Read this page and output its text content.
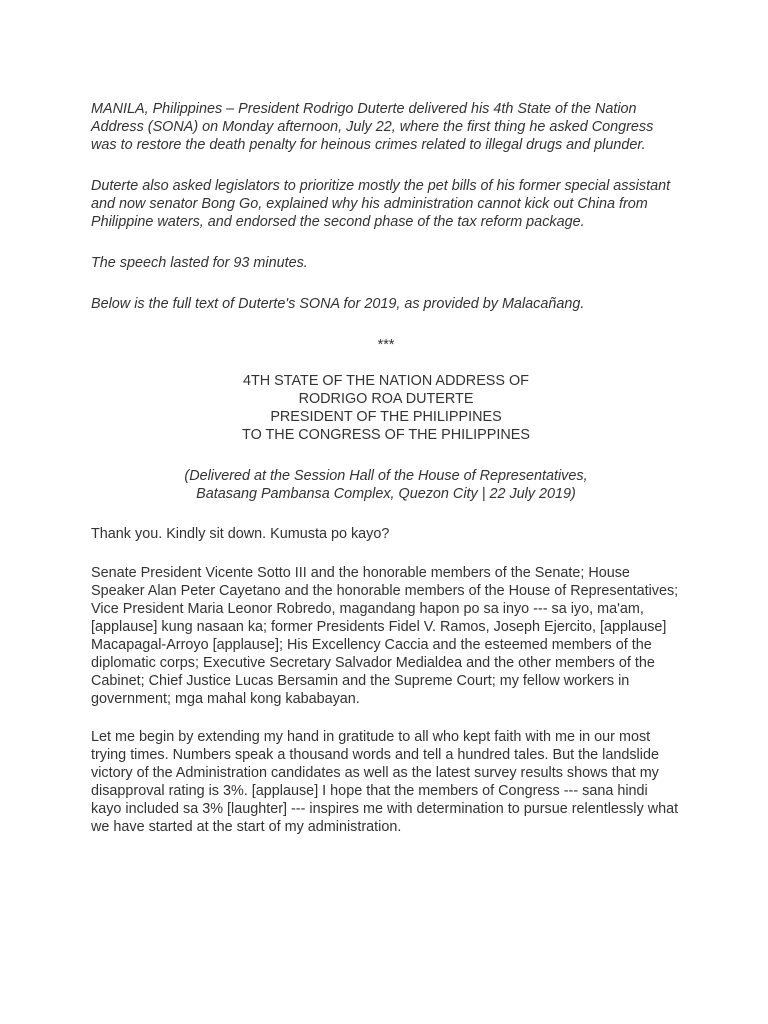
MANILA, Philippines – President Rodrigo Duterte delivered his 4th State of the Nation Address (SONA) on Monday afternoon, July 22, where the first thing he asked Congress was to restore the death penalty for heinous crimes related to illegal drugs and plunder.

Duterte also asked legislators to prioritize mostly the pet bills of his former special assistant and now senator Bong Go, explained why his administration cannot kick out China from Philippine waters, and endorsed the second phase of the tax reform package.

The speech lasted for 93 minutes.

Below is the full text of Duterte's SONA for 2019, as provided by Malacañang.

***
4TH STATE OF THE NATION ADDRESS OF
RODRIGO ROA DUTERTE
PRESIDENT OF THE PHILIPPINES
TO THE CONGRESS OF THE PHILIPPINES
(Delivered at the Session Hall of the House of Representatives,
Batasang Pambansa Complex, Quezon City | 22 July 2019)

Thank you. Kindly sit down. Kumusta po kayo?

Senate President Vicente Sotto III and the honorable members of the Senate; House Speaker Alan Peter Cayetano and the honorable members of the House of Representatives; Vice President Maria Leonor Robredo, magandang hapon po sa inyo --- sa iyo, ma'am, [applause] kung nasaan ka; former Presidents Fidel V. Ramos, Joseph Ejercito, [applause] Macapagal-Arroyo [applause]; His Excellency Caccia and the esteemed members of the diplomatic corps; Executive Secretary Salvador Medialdea and the other members of the Cabinet; Chief Justice Lucas Bersamin and the Supreme Court; my fellow workers in government; mga mahal kong kababayan.

Let me begin by extending my hand in gratitude to all who kept faith with me in our most trying times. Numbers speak a thousand words and tell a hundred tales. But the landslide victory of the Administration candidates as well as the latest survey results shows that my disapproval rating is 3%. [applause] I hope that the members of Congress --- sana hindi kayo included sa 3% [laughter] --- inspires me with determination to pursue relentlessly what we have started at the start of my administration.
